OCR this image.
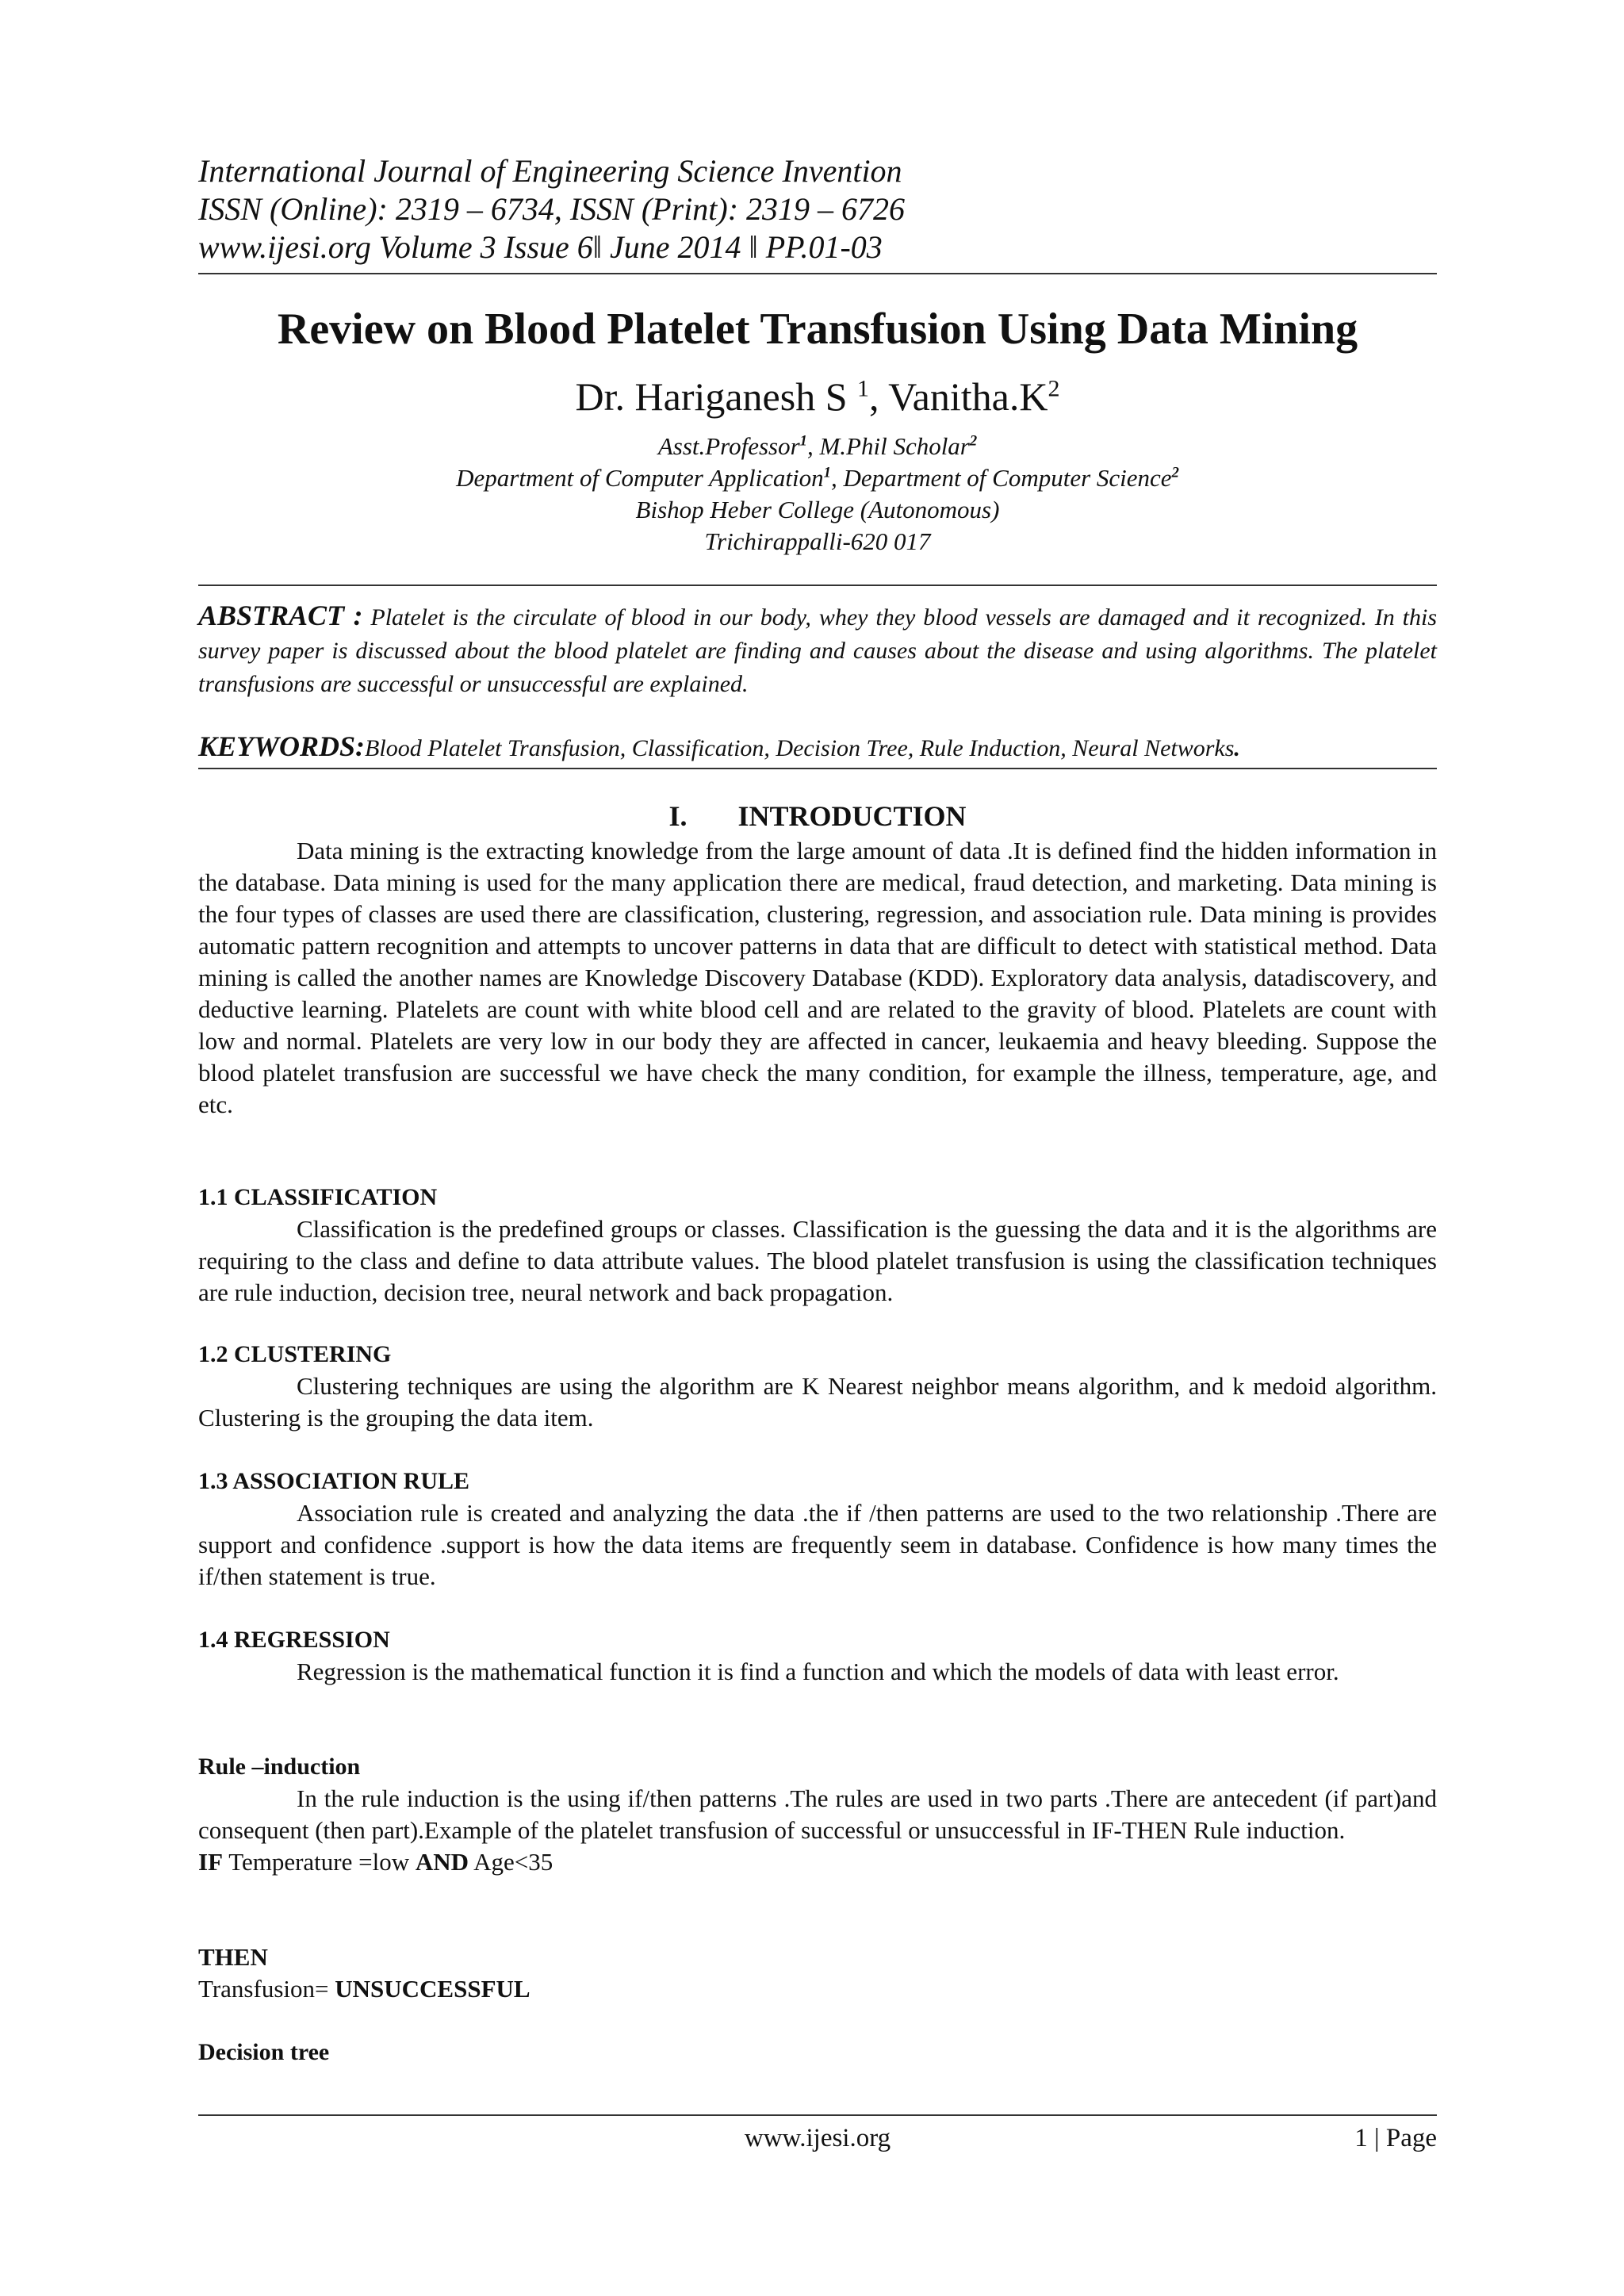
International Journal of Engineering Science Invention
ISSN (Online): 2319 – 6734, ISSN (Print): 2319 – 6726
www.ijesi.org Volume 3 Issue 6ǁ June 2014 ǁ PP.01-03
Review on Blood Platelet Transfusion Using Data Mining
Dr. Hariganesh S $^1$, $Vanitha.K^2$
Asst.Professor$^1$, M.Phil Scholar$^2$
Department of Computer Application$^1$, Department of Computer Science$^2$
Bishop Heber College (Autonomous)
Trichirappalli-620 017
ABSTRACT : Platelet is the circulate of blood in our body, whey they blood vessels are damaged and it recognized. In this survey paper is discussed about the blood platelet are finding and causes about the disease and using algorithms. The platelet transfusions are successful or unsuccessful are explained.
KEYWORDS:Blood Platelet Transfusion, Classification, Decision Tree, Rule Induction, Neural Networks.
I. INTRODUCTION

Data mining is the extracting knowledge from the large amount of data .It is defined find the hidden information in the database. Data mining is used for the many application there are medical, fraud detection, and marketing. Data mining is the four types of classes are used there are classification, clustering, regression, and association rule. Data mining is provides automatic pattern recognition and attempts to uncover patterns in data that are difficult to detect with statistical method. Data mining is called the another names are Knowledge Discovery Database (KDD). Exploratory data analysis, datadiscovery, and deductive learning. Platelets are count with white blood cell and are related to the gravity of blood. Platelets are count with low and normal. Platelets are very low in our body they are affected in cancer, leukaemia and heavy bleeding. Suppose the blood platelet transfusion are successful we have check the many condition, for example the illness, temperature, age, and etc.

1.1 CLASSIFICATION

Classification is the predefined groups or classes. Classification is the guessing the data and it is the algorithms are requiring to the class and define to data attribute values. The blood platelet transfusion is using the classification techniques are rule induction, decision tree, neural network and back propagation.

1.2 CLUSTERING

Clustering techniques are using the algorithm are K Nearest neighbor means algorithm, and k medoid algorithm. Clustering is the grouping the data item.

1.3 ASSOCIATION RULE

Association rule is created and analyzing the data .the if /then patterns are used to the two relationship .There are support and confidence .support is how the data items are frequently seem in database. Confidence is how many times the if/then statement is true.

1.4 REGRESSION

Regression is the mathematical function it is find a function and which the models of data with least error.

Rule –induction

In the rule induction is the using if/then patterns .The rules are used in two parts .There are antecedent (if part)and consequent (then part).Example of the platelet transfusion of successful or unsuccessful in IF-THEN Rule induction.

IF Temperature =low AND Age<35
THEN
Transfusion= UNSUCCESSFUL
Decision tree
www.ijesi.org	1 | Page
